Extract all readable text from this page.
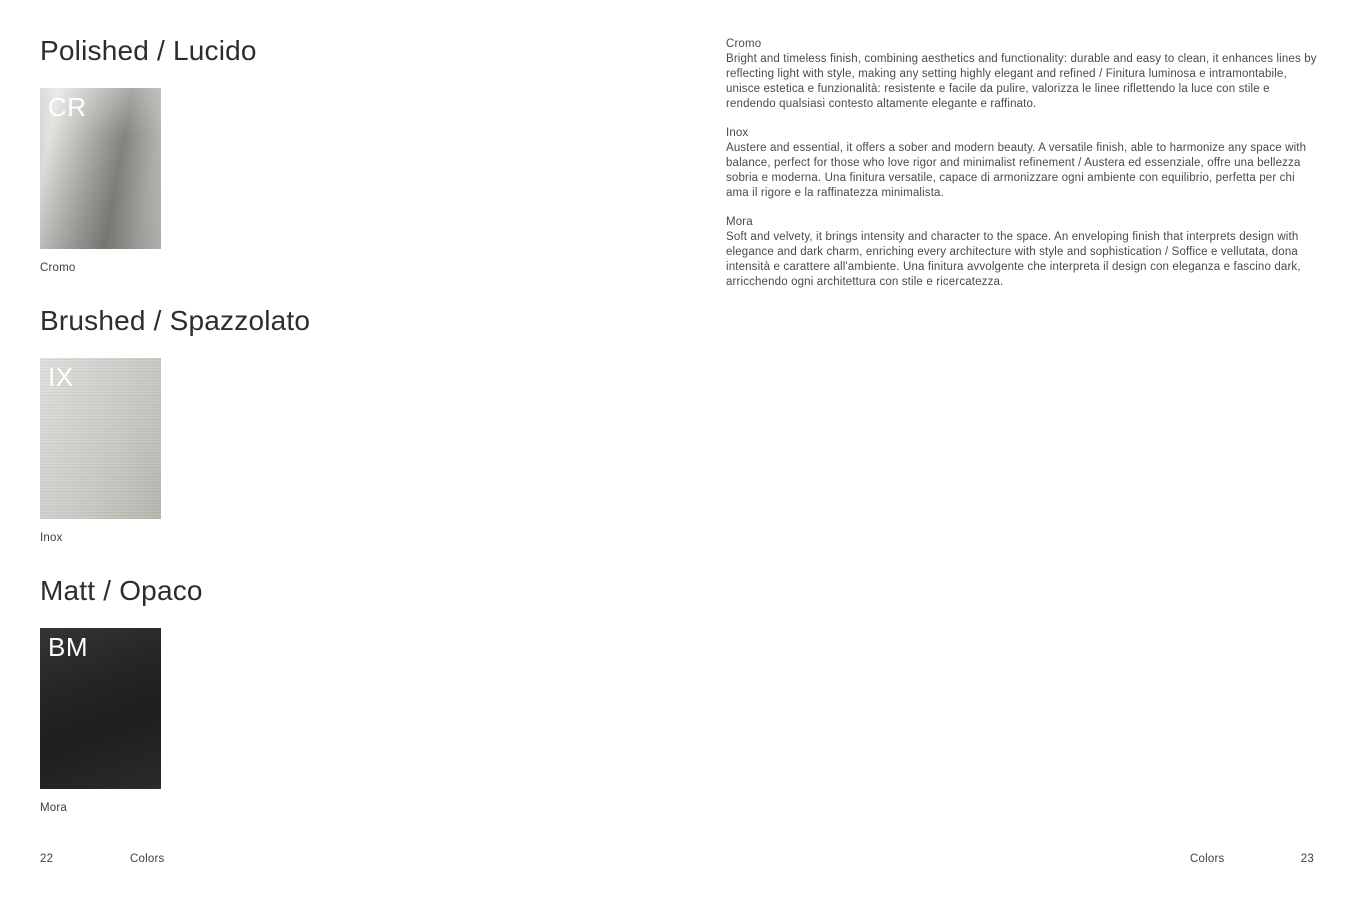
Polished / Lucido
CR
Cromo
Brushed / Spazzolato
IX
Inox
Matt / Opaco
BM
Mora
Cromo

Bright and timeless finish, combining aesthetics and functionality: durable and easy to clean, it enhances lines by reflecting light with style, making any setting highly elegant and refined / Finitura luminosa e intramontabile, unisce estetica e funzionalità: resistente e facile da pulire, valorizza le linee riflettendo la luce con stile e rendendo qualsiasi contesto altamente elegante e raffinato.

Inox

Austere and essential, it offers a sober and modern beauty. A versatile finish, able to harmonize any space with balance, perfect for those who love rigor and minimalist refinement / Austera ed essenziale, offre una bellezza sobria e moderna. Una finitura versatile, capace di armonizzare ogni ambiente con equilibrio, perfetta per chi ama il rigore e la raffinatezza minimalista.

Mora

Soft and velvety, it brings intensity and character to the space. An enveloping finish that interprets design with elegance and dark charm, enriching every architecture with style and sophistication / Soffice e vellutata, dona intensità e carattere all'ambiente. Una finitura avvolgente che interpreta il design con eleganza e fascino dark, arricchendo ogni architettura con stile e ricercatezza.

22	Colors	Colors	23
